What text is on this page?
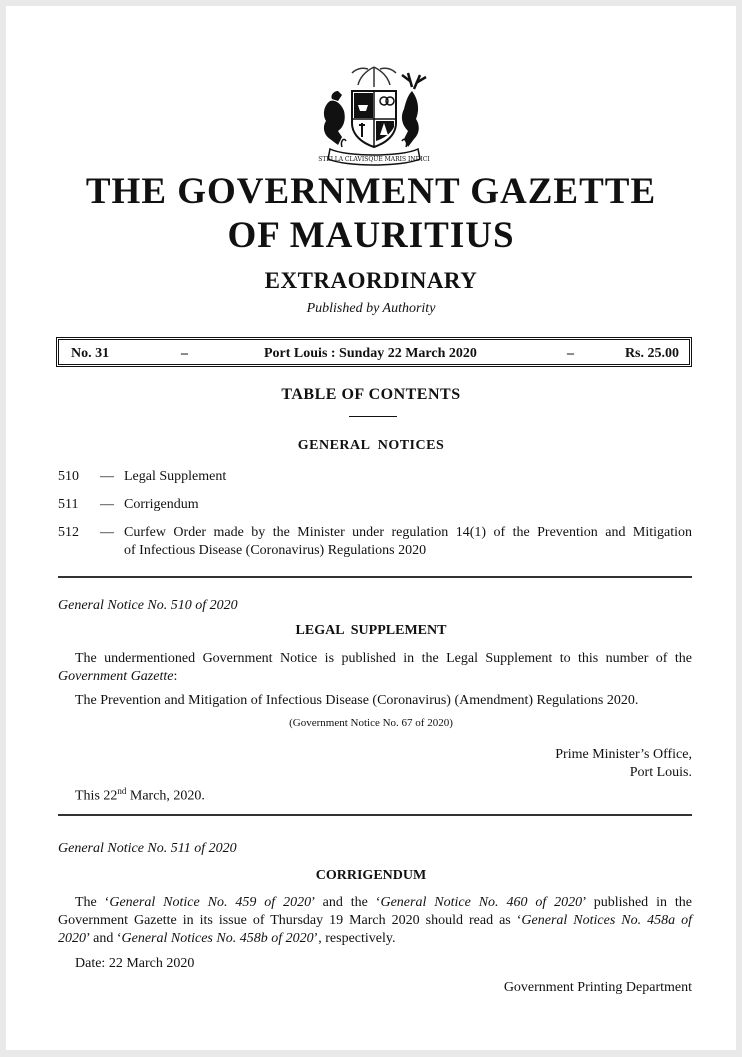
STELLA CLAVISQUE MARIS INDICI
THE GOVERNMENT GAZETTE
OF MAURITIUS
EXTRAORDINARY
Published by Authority
No. 31	–	Port Louis : Sunday 22 March 2020	–	Rs. 25.00
TABLE OF CONTENTS
GENERAL  NOTICES
510 — Legal Supplement
511 — Corrigendum
512 — Curfew Order made by the Minister under regulation 14(1) of the Prevention and Mitigation
of Infectious Disease (Coronavirus) Regulations 2020
General Notice No. 510 of 2020
LEGAL  SUPPLEMENT
The undermentioned Government Notice is published in the Legal Supplement to this number of the
Government Gazette:
The Prevention and Mitigation of Infectious Disease (Coronavirus) (Amendment) Regulations 2020.
(Government Notice No. 67 of 2020)
Prime Minister’s Office,
Port Louis.
This 22nd March, 2020.
General Notice No. 511 of 2020
CORRIGENDUM
The ‘General Notice No. 459 of 2020’ and the ‘General Notice No. 460 of 2020’ published in the
Government Gazette in its issue of Thursday 19 March 2020 should read as ‘General Notices No. 458a of
2020’ and ‘General Notices No. 458b of 2020’, respectively.
Date: 22 March 2020
Government Printing Department
